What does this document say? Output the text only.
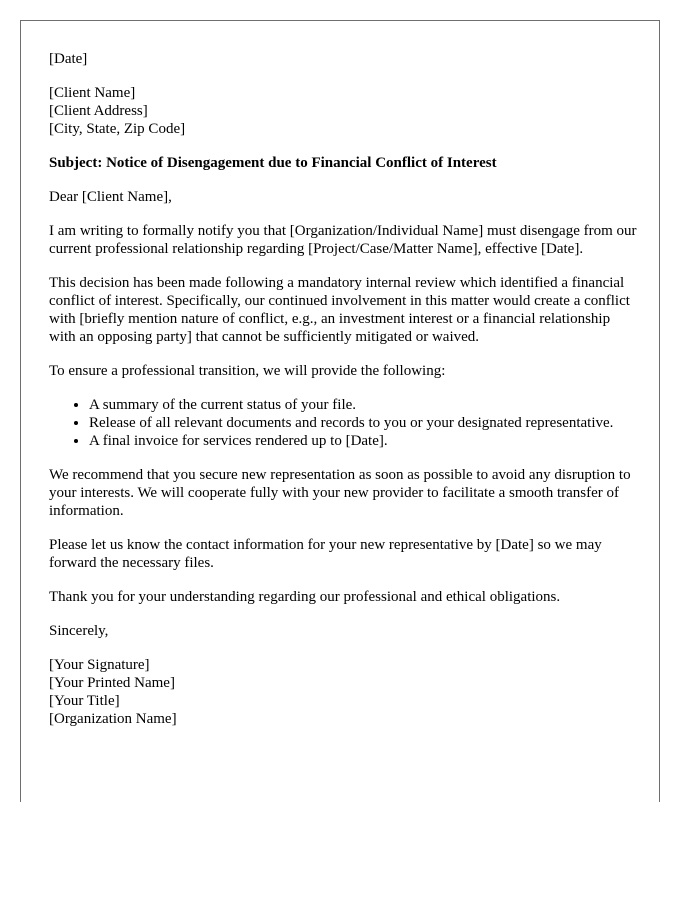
[Date]

[Client Name]
[Client Address]
[City, State, Zip Code]

Subject: Notice of Disengagement due to Financial Conflict of Interest

Dear [Client Name],

I am writing to formally notify you that [Organization/Individual Name] must disengage from our current professional relationship regarding [Project/Case/Matter Name], effective [Date].

This decision has been made following a mandatory internal review which identified a financial conflict of interest. Specifically, our continued involvement in this matter would create a conflict with [briefly mention nature of conflict, e.g., an investment interest or a financial relationship with an opposing party] that cannot be sufficiently mitigated or waived.

To ensure a professional transition, we will provide the following:

• A summary of the current status of your file.
• Release of all relevant documents and records to you or your designated representative.
• A final invoice for services rendered up to [Date].

We recommend that you secure new representation as soon as possible to avoid any disruption to your interests. We will cooperate fully with your new provider to facilitate a smooth transfer of information.

Please let us know the contact information for your new representative by [Date] so we may forward the necessary files.

Thank you for your understanding regarding our professional and ethical obligations.

Sincerely,

[Your Signature]
[Your Printed Name]
[Your Title]
[Organization Name]
